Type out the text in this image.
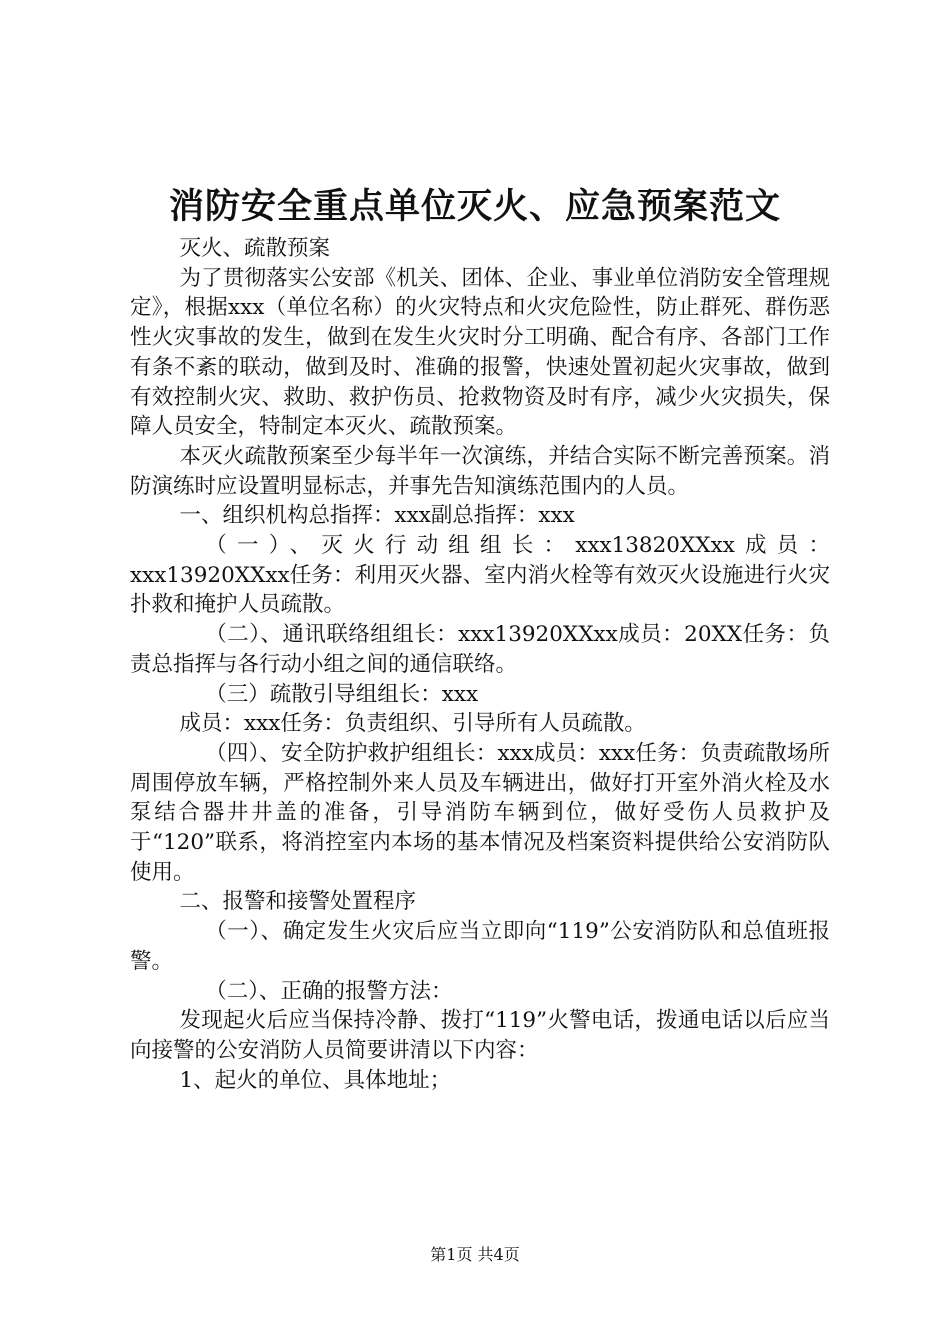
消防安全重点单位灭火、应急预案范文

灭火、疏散预案

为了贯彻落实公安部《机关、团体、企业、事业单位消防安全管理规定》，根据xxx（单位名称）的火灾特点和火灾危险性，防止群死、群伤恶性火灾事故的发生，做到在发生火灾时分工明确、配合有序、各部门工作有条不紊的联动，做到及时、准确的报警，快速处置初起火灾事故，做到有效控制火灾、救助、救护伤员、抢救物资及时有序，减少火灾损失，保障人员安全，特制定本灭火、疏散预案。

本灭火疏散预案至少每半年一次演练，并结合实际不断完善预案。消防演练时应设置明显标志，并事先告知演练范围内的人员。

一、组织机构总指挥：xxx副总指挥：xxx

（一）、灭火行动组组长：xxx13820XXxx成员：xxx13920XXxx任务：利用灭火器、室内消火栓等有效灭火设施进行火灾扑救和掩护人员疏散。

（二）、通讯联络组组长：xxx13920XXxx成员：20XX任务：负责总指挥与各行动小组之间的通信联络。

（三）疏散引导组组长：xxx

成员：xxx任务：负责组织、引导所有人员疏散。

（四）、安全防护救护组组长：xxx成员：xxx任务：负责疏散场所周围停放车辆，严格控制外来人员及车辆进出，做好打开室外消火栓及水泵结合器井井盖的准备，引导消防车辆到位，做好受伤人员救护及于“120”联系，将消控室内本场的基本情况及档案资料提供给公安消防队使用。

二、报警和接警处置程序

（一）、确定发生火灾后应当立即向“119”公安消防队和总值班报警。

（二）、正确的报警方法：

发现起火后应当保持冷静、拨打“119”火警电话，拨通电话以后应当向接警的公安消防人员简要讲清以下内容：

1、起火的单位、具体地址；

第1页 共4页
